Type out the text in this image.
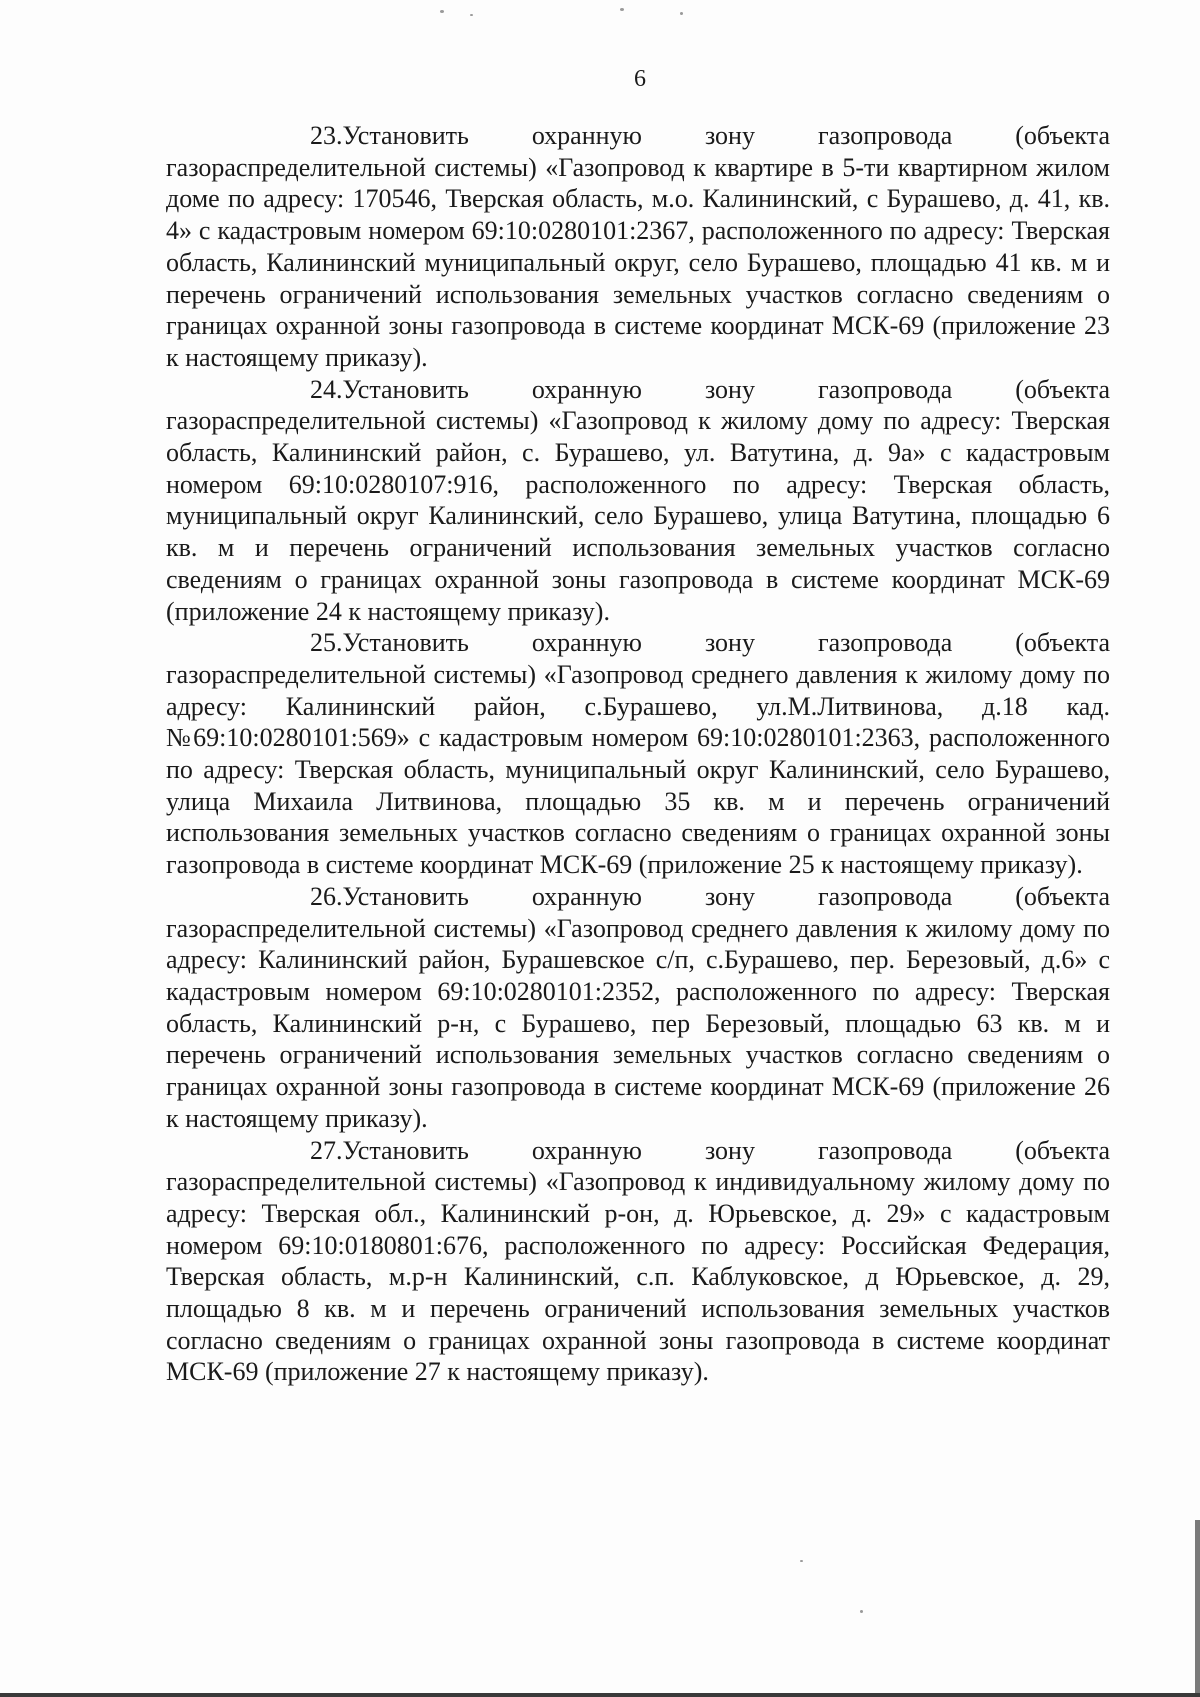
6

23.Установить охранную зону газопровода (объекта газораспределительной системы) «Газопровод к квартире в 5-ти квартирном жилом доме по адресу: 170546, Тверская область, м.о. Калининский, с Бурашево, д. 41, кв. 4» с кадастровым номером 69:10:0280101:2367, расположенного по адресу: Тверская область, Калининский муниципальный округ, село Бурашево, площадью 41 кв. м и перечень ограничений использования земельных участков согласно сведениям о границах охранной зоны газопровода в системе координат МСК-69 (приложение 23 к настоящему приказу).

24.Установить охранную зону газопровода (объекта газораспределительной системы) «Газопровод к жилому дому по адресу: Тверская область, Калининский район, с. Бурашево, ул. Ватутина, д. 9а» с кадастровым номером 69:10:0280107:916, расположенного по адресу: Тверская область, муниципальный округ Калининский, село Бурашево, улица Ватутина, площадью 6 кв. м и перечень ограничений использования земельных участков согласно сведениям о границах охранной зоны газопровода в системе координат МСК-69 (приложение 24 к настоящему приказу).

25.Установить охранную зону газопровода (объекта газораспределительной системы) «Газопровод среднего давления к жилому дому по адресу: Калининский район, с.Бурашево, ул.М.Литвинова, д.18 кад.№69:10:0280101:569» с кадастровым номером 69:10:0280101:2363, расположенного по адресу: Тверская область, муниципальный округ Калининский, село Бурашево, улица Михаила Литвинова, площадью 35 кв. м и перечень ограничений использования земельных участков согласно сведениям о границах охранной зоны газопровода в системе координат МСК-69 (приложение 25 к настоящему приказу).

26.Установить охранную зону газопровода (объекта газораспределительной системы) «Газопровод среднего давления к жилому дому по адресу: Калининский район, Бурашевское с/п, с.Бурашево, пер. Березовый, д.6» с кадастровым номером 69:10:0280101:2352, расположенного по адресу: Тверская область, Калининский р-н, с Бурашево, пер Березовый, площадью 63 кв. м и перечень ограничений использования земельных участков согласно сведениям о границах охранной зоны газопровода в системе координат МСК-69 (приложение 26 к настоящему приказу).

27.Установить охранную зону газопровода (объекта газораспределительной системы) «Газопровод к индивидуальному жилому дому по адресу: Тверская обл., Калининский р-он, д. Юрьевское, д. 29» с кадастровым номером 69:10:0180801:676, расположенного по адресу: Российская Федерация, Тверская область, м.р-н Калининский, с.п. Каблуковское, д Юрьевское, д. 29, площадью 8 кв. м и перечень ограничений использования земельных участков согласно сведениям о границах охранной зоны газопровода в системе координат МСК-69 (приложение 27 к настоящему приказу).
